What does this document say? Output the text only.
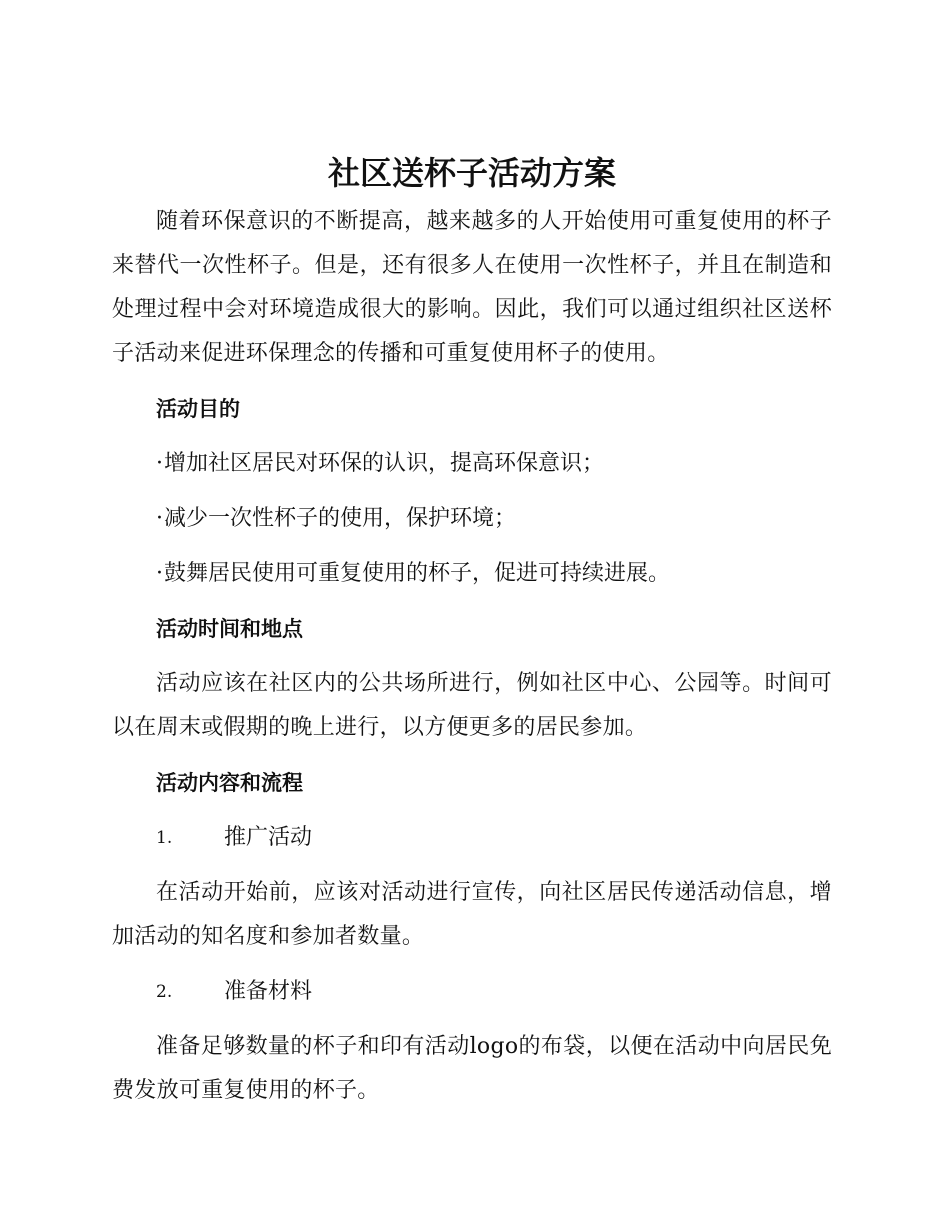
社区送杯子活动方案

随着环保意识的不断提高，越来越多的人开始使用可重复使用的杯子来替代一次性杯子。但是，还有很多人在使用一次性杯子，并且在制造和处理过程中会对环境造成很大的影响。因此，我们可以通过组织社区送杯子活动来促进环保理念的传播和可重复使用杯子的使用。

活动目的

·增加社区居民对环保的认识，提高环保意识；

·减少一次性杯子的使用，保护环境；

·鼓舞居民使用可重复使用的杯子，促进可持续进展。

活动时间和地点

活动应该在社区内的公共场所进行，例如社区中心、公园等。时间可以在周末或假期的晚上进行，以方便更多的居民参加。

活动内容和流程

1.	推广活动

在活动开始前，应该对活动进行宣传，向社区居民传递活动信息，增加活动的知名度和参加者数量。

2.	准备材料

准备足够数量的杯子和印有活动logo的布袋，以便在活动中向居民免费发放可重复使用的杯子。
